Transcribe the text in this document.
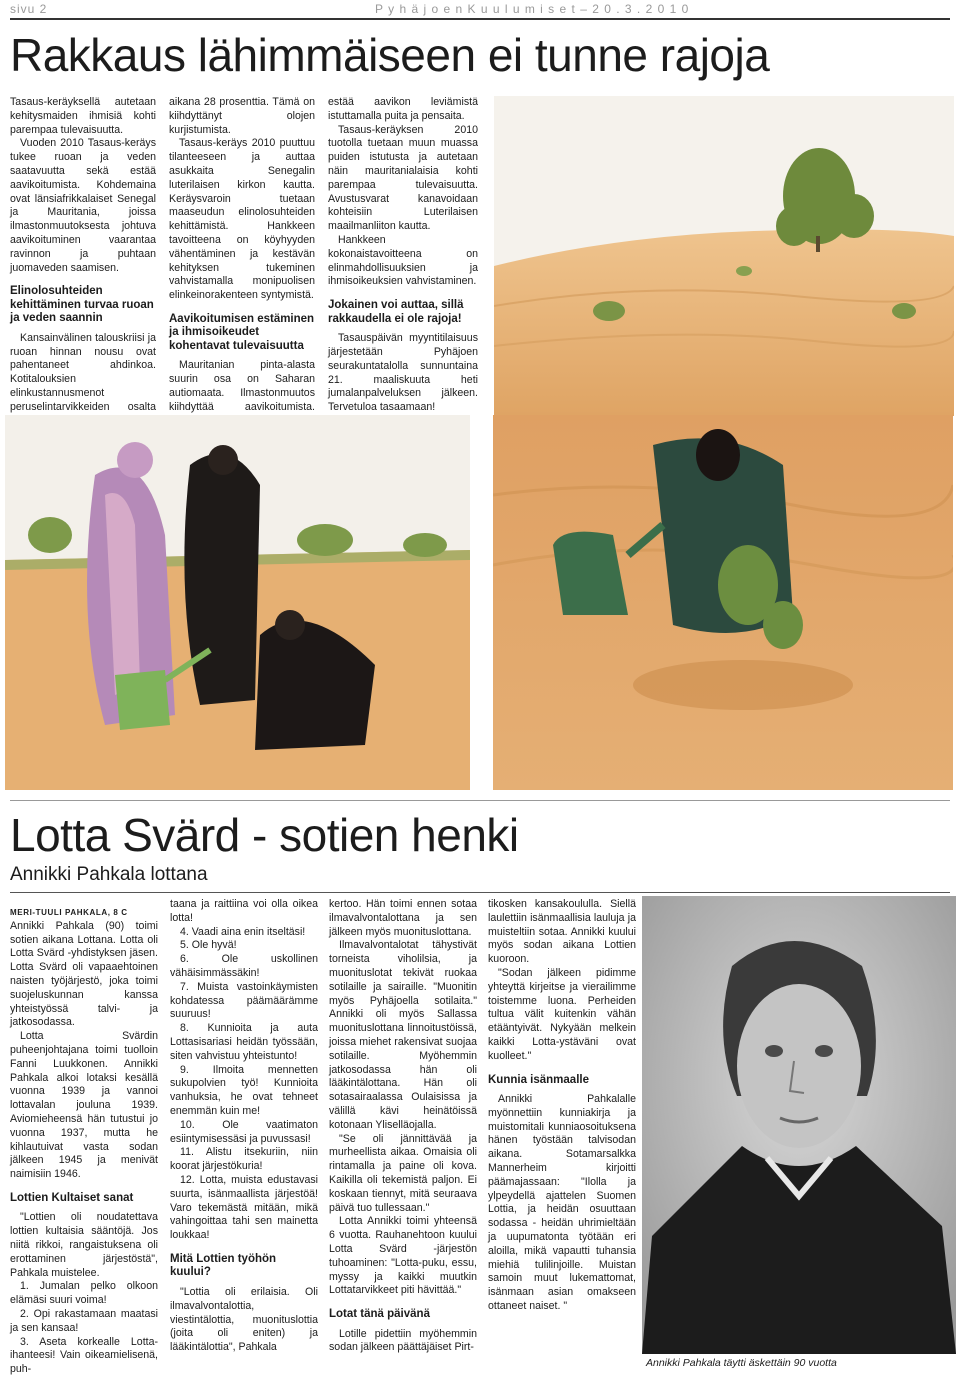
sivu 2	P y h ä j o e n K u u l u m i s e t – 2 0 . 3 . 2 0 1 0
Rakkaus lähimmäiseen ei tunne rajoja

Tasaus-keräyksellä autetaan kehitysmaiden ihmisiä kohti parempaa tulevaisuutta.

Vuoden 2010 Tasaus-keräys tukee ruoan ja veden saatavuutta sekä estää aavikoitumista. Kohdemaina ovat länsiafrikkalaiset Senegal ja Mauritania, joissa ilmastonmuutoksesta johtuva aavikoituminen vaarantaa ravinnon ja puhtaan juomaveden saamisen.

Elinolosuhteiden kehittäminen turvaa ruoan ja veden saannin

Kansainvälinen talouskriisi ja ruoan hinnan nousu ovat pahentaneet ahdinkoa. Kotitalouksien elinkustannusmenot peruselintarvikkeiden osalta

aikana 28 prosenttia. Tämä on kiihdyttänyt olojen kurjistumista.

Tasaus-keräys 2010 puuttuu tilanteeseen ja auttaa asukkaita Senegalin luterilaisen kirkon kautta. Keräysvaroin tuetaan maaseudun elinolosuhteiden kehittämistä. Hankkeen tavoitteena on köyhyyden vähentäminen ja kestävän kehityksen tukeminen vahvistamalla monipuolisen elinkeinorakenteen syntymistä.

Aavikoitumisen estäminen ja ihmisoikeudet kohentavat tulevaisuutta

Mauritanian pinta-alasta suurin osa on Saharan autiomaata. Ilmastonmuutos kiihdyttää aavikoitumista.

estää aavikon leviämistä istuttamalla puita ja pensaita.

Tasaus-keräyksen 2010 tuotolla tuetaan muun muassa puiden istutusta ja autetaan näin mauritanialaisia kohti parempaa tulevaisuutta. Avustusvarat kanavoidaan kohteisiin Luterilaisen maailmanliiton kautta.

Hankkeen kokonaistavoitteena on elinmahdollisuuksien ja ihmisoikeuksien vahvistaminen.

Jokainen voi auttaa, sillä rakkaudella ei ole rajoja!

Tasauspäivän myyntitilaisuus järjestetään Pyhäjoen seurakuntatalolla sunnuntaina 21. maaliskuuta heti jumalanpalveluksen jälkeen. Tervetuloa tasaamaan!

Lotta Svärd - sotien henki
Annikki Pahkala lottana

MERI-TUULI PAHKALA, 8 C

Annikki Pahkala (90) toimi sotien aikana Lottana. Lotta oli Lotta Svärd -yhdistyksen jäsen. Lotta Svärd oli vapaaehtoinen naisten työjärjestö, joka toimi suojeluskunnan kanssa yhteistyössä talvi- ja jatkosodassa.

Lotta Svärdin puheenjohtajana toimi tuolloin Fanni Luukkonen. Annikki Pahkala alkoi lotaksi kesällä vuonna 1939 ja vannoi lottavalan jouluna 1939. Aviomieheensä hän tutustui jo vuonna 1937, mutta he kihlautuivat vasta sodan jälkeen 1945 ja menivät naimisiin 1946.

Lottien Kultaiset sanat

"Lottien oli noudatettava lottien kultaisia sääntöjä. Jos niitä rikkoi, rangaistuksena oli erottaminen järjestöstä", Pahkala muistelee.

1. Jumalan pelko olkoon elämäsi suuri voima!

2. Opi rakastamaan maatasi ja sen kansaa!

3. Aseta korkealle Lotta-ihanteesi! Vain oikeamielisenä, puh-

taana ja raittiina voi olla oikea lotta!

4. Vaadi aina enin itseltäsi!

5. Ole hyvä!

6. Ole uskollinen vähäisimmässäkin!

7. Muista vastoinkäymisten kohdatessa päämäärämme suuruus!

8. Kunnioita ja auta Lottasisariasi heidän työssään, siten vahvistuu yhteistunto!

9. Ilmoita mennetten sukupolvien työ! Kunnioita vanhuksia, he ovat tehneet enemmän kuin me!

10. Ole vaatimaton esiintymisessäsi ja puvussasi!

11. Alistu itsekuriin, niin koorat järjestökuria!

12. Lotta, muista edustavasi suurta, isänmaallista järjestöä! Varo tekemästä mitään, mikä vahingoittaa tahi sen mainetta loukkaa!

Mitä Lottien työhön kuului?

"Lottia oli erilaisia. Oli ilmavalvontalottia, viestintälottia, muonituslottia (joita oli eniten) ja lääkintälottia", Pahkala

kertoo. Hän toimi ennen sotaa ilmavalvontalottana ja sen jälkeen myös muonituslottana.

Ilmavalvontalotat tähystivät torneista viholilsia, ja muonituslotat tekivät ruokaa sotilaille ja sairaille. "Muonitin myös Pyhäjoella sotilaita." Annikki oli myös Sallassa muonituslottana linnoitustöissä, joissa miehet rakensivat suojaa sotilaille. Myöhemmin jatkosodassa hän oli lääkintälottana. Hän oli sotasairaalassa Oulaisissa ja välillä kävi heinätöissä kotonaan Yliselläojalla.

"Se oli jännittävää ja murheellista aikaa. Omaisia oli rintamalla ja paine oli kova. Kaikilla oli tekemistä paljon. Ei koskaan tiennyt, mitä seuraava päivä tuo tullessaan."

Lotta Annikki toimi yhteensä 6 vuotta. Rauhanehtoon kuului Lotta Svärd -järjestön tuhoaminen: "Lotta-puku, essu, myssy ja kaikki muutkin Lottatarvikkeet piti hävittää."

Lotat tänä päivänä

Lotille pidettiin myöhemmin sodan jälkeen päättäjäiset Pirt-

tikosken kansakoululla. Siellä laulettiin isänmaallisia lauluja ja muisteltiin sotaa. Annikki kuului myös sodan aikana Lottien kuoroon.

"Sodan jälkeen pidimme yhteyttä kirjeitse ja vierailimme toistemme luona. Perheiden tultua välit kuitenkin vähän etääntyivät. Nykyään melkein kaikki Lotta-ystäväni ovat kuolleet."

Kunnia isänmaalle

Annikki Pahkalalle myönnettiin kunniakirja ja muistomitali kunniaosoituksena hänen työstään talvisodan aikana. Sotamarsalkka Mannerheim kirjoitti päämajassaan: "Ilolla ja ylpeydellä ajattelen Suomen Lottia, ja heidän osuuttaan sodassa - heidän uhrimieltään ja uupumatonta työtään eri aloilla, mikä vapautti tuhansia miehiä tulilinjoille. Muistan samoin muut lukemattomat, isänmaan asian omakseen ottaneet naiset. "

Annikki Pahkala täytti äskettäin 90 vuotta
